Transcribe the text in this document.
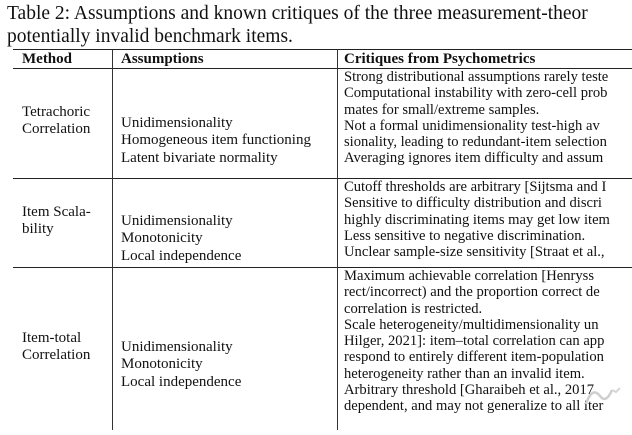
Table 2: Assumptions and known critiques of the three measurement-theor
potentially invalid benchmark items.
Method	Assumptions	Critiques from Psychometrics
Tetrachoric
Correlation Unidimensionality
Homogeneous item functioning
Latent bivariate normality
Strong distributional assumptions rarely teste
Computational instability with zero-cell prob
mates for small/extreme samples.
Not a formal unidimensionality test-high av
sionality, leading to redundant-item selection
Averaging ignores item difficulty and assum
Item Scala-
bility
Unidimensionality
Monotonicity
Local independence
Cutoff thresholds are arbitrary [Sijtsma and I
Sensitive to difficulty distribution and discri
highly discriminating items may get low item
Less sensitive to negative discrimination.
Unclear sample-size sensitivity [Straat et al.,
Item-total
Correlation
Unidimensionality
Monotonicity
Local independence
Maximum achievable correlation [Henryss
rect/incorrect) and the proportion correct de
correlation is restricted.
Scale heterogeneity/multidimensionality un
Hilger, 2021]: item–total correlation can app
respond to entirely different item-population
heterogeneity rather than an invalid item.
Arbitrary threshold [Gharaibeh et al., 2017
dependent, and may not generalize to all iter
